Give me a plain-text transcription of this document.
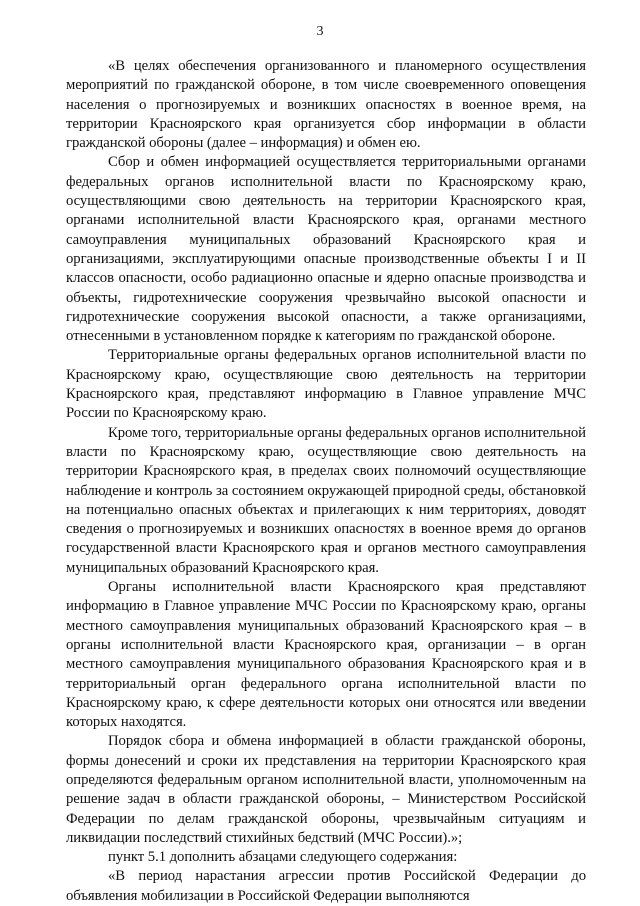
3

«В целях обеспечения организованного и планомерного осуществления мероприятий по гражданской обороне, в том числе своевременного оповещения населения о прогнозируемых и возникших опасностях в военное время, на территории Красноярского края организуется сбор информации в области гражданской обороны (далее – информация) и обмен ею.

Сбор и обмен информацией осуществляется территориальными органами федеральных органов исполнительной власти по Красноярскому краю, осуществляющими свою деятельность на территории Красноярского края, органами исполнительной власти Красноярского края, органами местного самоуправления муниципальных образований Красноярского края и организациями, эксплуатирующими опасные производственные объекты I и II классов опасности, особо радиационно опасные и ядерно опасные производства и объекты, гидротехнические сооружения чрезвычайно высокой опасности и гидротехнические сооружения высокой опасности, а также организациями, отнесенными в установленном порядке к категориям по гражданской обороне.

Территориальные органы федеральных органов исполнительной власти по Красноярскому краю, осуществляющие свою деятельность на территории Красноярского края, представляют информацию в Главное управление МЧС России по Красноярскому краю.

Кроме того, территориальные органы федеральных органов исполнительной власти по Красноярскому краю, осуществляющие свою деятельность на территории Красноярского края, в пределах своих полномочий осуществляющие наблюдение и контроль за состоянием окружающей природной среды, обстановкой на потенциально опасных объектах и прилегающих к ним территориях, доводят сведения о прогнозируемых и возникших опасностях в военное время до органов государственной власти Красноярского края и органов местного самоуправления муниципальных образований Красноярского края.

Органы исполнительной власти Красноярского края представляют информацию в Главное управление МЧС России по Красноярскому краю, органы местного самоуправления муниципальных образований Красноярского края – в органы исполнительной власти Красноярского края, организации – в орган местного самоуправления муниципального образования Красноярского края и в территориальный орган федерального органа исполнительной власти по Красноярскому краю, к сфере деятельности которых они относятся или введении которых находятся.

Порядок сбора и обмена информацией в области гражданской обороны, формы донесений и сроки их представления на территории Красноярского края определяются федеральным органом исполнительной власти, уполномоченным на решение задач в области гражданской обороны, – Министерством Российской Федерации по делам гражданской обороны, чрезвычайным ситуациям и ликвидации последствий стихийных бедствий (МЧС России).»;

пункт 5.1 дополнить абзацами следующего содержания:

«В период нарастания агрессии против Российской Федерации до объявления мобилизации в Российской Федерации выполняются
